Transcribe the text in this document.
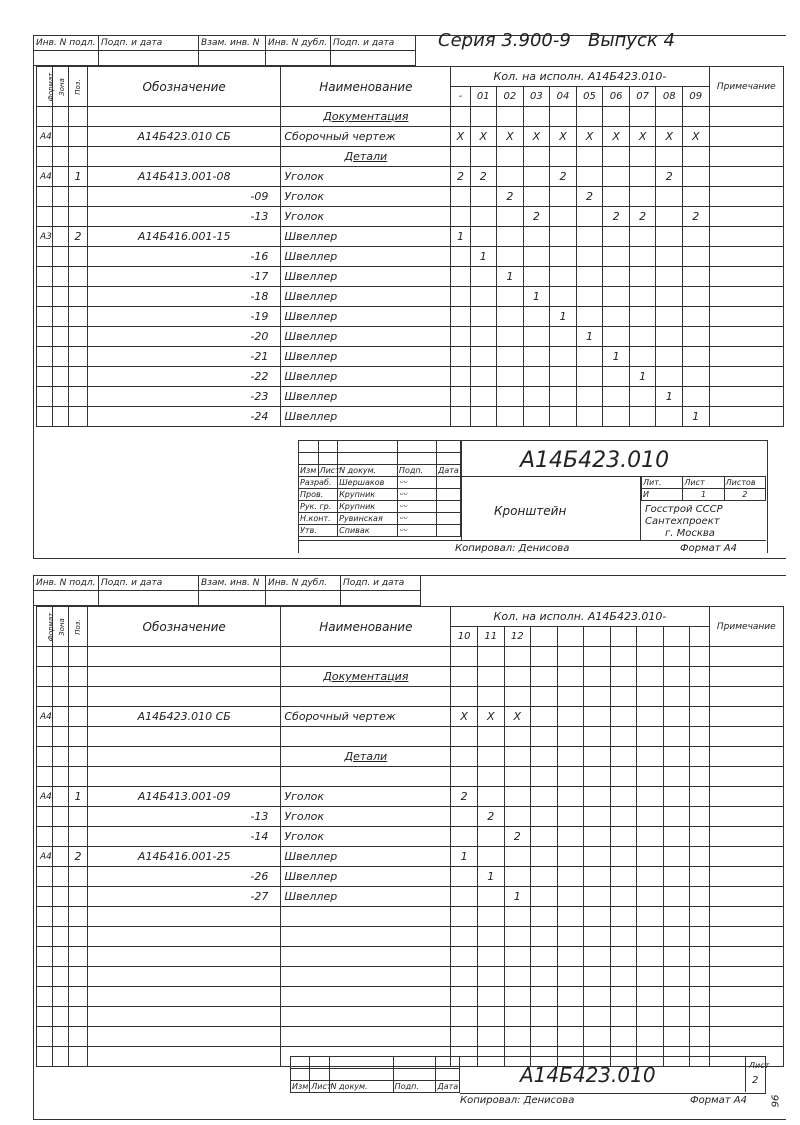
Инв. N подл.	Подп. и дата	Взам. инв. N	Инв. N дубл.	Подп. и дата
				Серия 3.900-9 Выпуск 4
Формат	Зона	Поз.	Обозначение	Наименование	Кол. на исполн. А14Б423.010-										Примечание
					-	01	02	03	04	05	06	07	08	09	
				Документация											
А4			А14Б423.010 СБ	Сборочный чертеж	X	X	X	X	X	X	X	X	X	X	
				Детали											
А4		1	А14Б413.001-08	Уголок	2	2			2				2		
			-09	Уголок			2			2					
			-13	Уголок				2			2	2		2	
А3		2	А14Б416.001-15	Швеллер	1										
			-16	Швеллер		1									
			-17	Швеллер			1								
			-18	Швеллер				1							
			-19	Швеллер					1						
			-20	Швеллер						1					
			-21	Швеллер							1				
			-22	Швеллер								1			
			-23	Швеллер									1		
			-24	Швеллер										1	

Изм	Лист	N докум.	Подп.	Дата
Разраб.		Шершаков	〰	
Пров.		Крупник	〰	
Рук. гр.		Крупник	〰	
Н.конт.		Рувинская	〰	
Утв.		Спивак	〰	
А14Б423.010
Кронштейн
Лит.	Лист	Листов
И	1	2
Госстрой СССР
Сантехпроект
г. Москва
Копировал: Денисова	Формат А4
Инв. N подл.	Подп. и дата	Взам. инв. N	Инв. N дубл.	Подп. и дата

Формат	Зона	Поз.	Обозначение	Наименование	Кол. на исполн. А14Б423.010-										Примечание
					10	11	12								

				Документация											

А4			А14Б423.010 СБ	Сборочный чертеж	X	X	X								

				Детали											

А4		1	А14Б413.001-09	Уголок	2										
			-13	Уголок		2									
			-14	Уголок			2								
А4		2	А14Б416.001-25	Швеллер	1										
			-26	Швеллер		1									
			-27	Швеллер			1								

Изм	Лист	N докум.	Подп.	Дата	А14Б423.010	Лист
2
Копировал: Денисова	Формат А4 96
